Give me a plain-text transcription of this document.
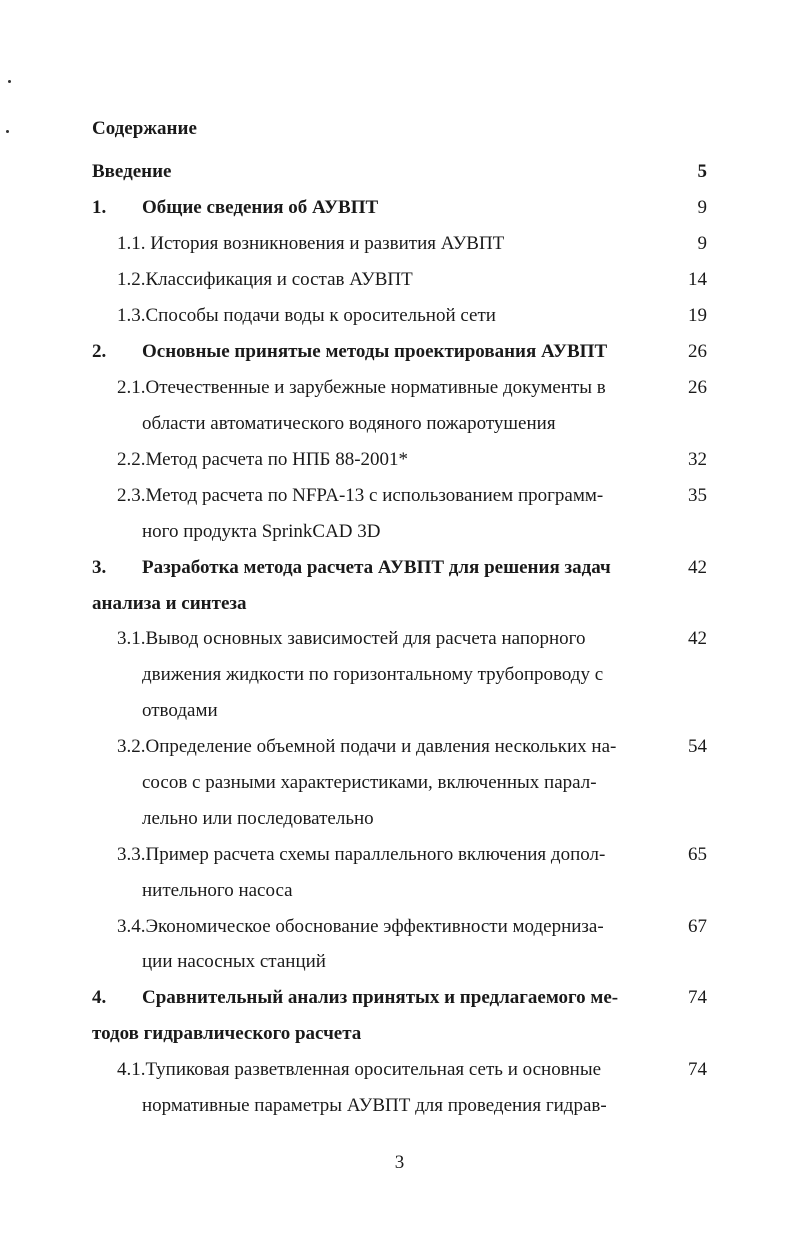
Содержание
Введение	5
1. Общие сведения об АУВПТ	9
1.1. История возникновения и развития АУВПТ	9
1.2.Классификация и состав АУВПТ	14
1.3.Способы подачи воды к оросительной сети	19
2. Основные принятые методы проектирования АУВПТ	26
2.1.Отечественные и зарубежные нормативные документы в	26
области автоматического водяного пожаротушения
2.2.Метод расчета по НПБ 88-2001*	32
2.3.Метод расчета по NFPA-13 с использованием программ-	35
ного продукта SprinkCAD 3D
3. Разработка метода расчета АУВПТ для решения задач	42
анализа и синтеза
3.1.Вывод основных зависимостей для расчета напорного	42
движения жидкости по горизонтальному трубопроводу с
отводами
3.2.Определение объемной подачи и давления нескольких на-	54
сосов с разными характеристиками, включенных парал-
лельно или последовательно
3.3.Пример расчета схемы параллельного включения допол-	65
нительного насоса
3.4.Экономическое обоснование эффективности модерниза-	67
ции насосных станций
4. Сравнительный анализ принятых и предлагаемого ме-	74
тодов гидравлического расчета
4.1.Тупиковая разветвленная оросительная сеть и основные	74
нормативные параметры АУВПТ для проведения гидрав-
3
